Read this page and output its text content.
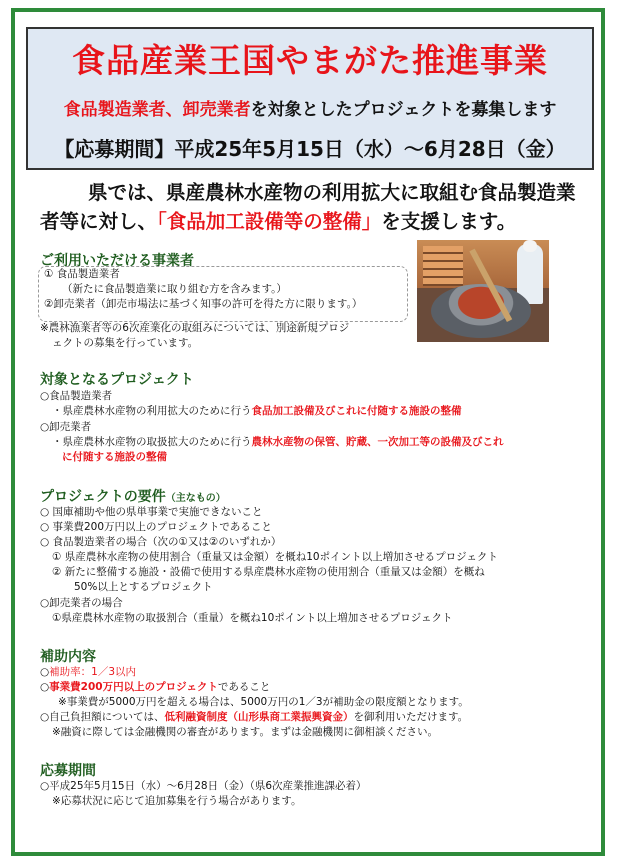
食品産業王国やまがた推進事業
食品製造業者、卸売業者を対象としたプロジェクトを募集します
【応募期間】平成25年5月15日（水）～6月28日（金）
県では、県産農林水産物の利用拡大に取組む食品製造業
者等に対し、「食品加工設備等の整備」を支援します。
ご利用いただける事業者
① 食品製造業者
（新たに食品製造業に取り組む方を含みます。）
②卸売業者（卸売市場法に基づく知事の許可を得た方に限ります。）
※農林漁業者等の6次産業化の取組みについては、別途新規プロジ
ェクトの募集を行っています。
対象となるプロジェクト
○食品製造業者
・県産農林水産物の利用拡大のために行う食品加工設備及びこれに付随する施設の整備
○卸売業者
・県産農林水産物の取扱拡大のために行う農林水産物の保管、貯蔵、一次加工等の設備及びこれ
に付随する施設の整備
プロジェクトの要件（主なもの）
○ 国庫補助や他の県単事業で実施できないこと
○ 事業費200万円以上のプロジェクトであること
○ 食品製造業者の場合（次の①又は②のいずれか）
① 県産農林水産物の使用割合（重量又は金額）を概ね10ポイント以上増加させるプロジェクト
② 新たに整備する施設・設備で使用する県産農林水産物の使用割合（重量又は金額）を概ね
50%以上とするプロジェクト
○卸売業者の場合
①県産農林水産物の取扱割合（重量）を概ね10ポイント以上増加させるプロジェクト
補助内容
○補助率：1／3以内
○事業費200万円以上のプロジェクトであること
※事業費が5000万円を超える場合は、5000万円の1／3が補助金の限度額となります。
○自己負担額については、低利融資制度（山形県商工業振興資金）を御利用いただけます。
※融資に際しては金融機関の審査があります。まずは金融機関に御相談ください。
応募期間
○平成25年5月15日（水）～6月28日（金）（県6次産業推進課必着）
※応募状況に応じて追加募集を行う場合があります。
